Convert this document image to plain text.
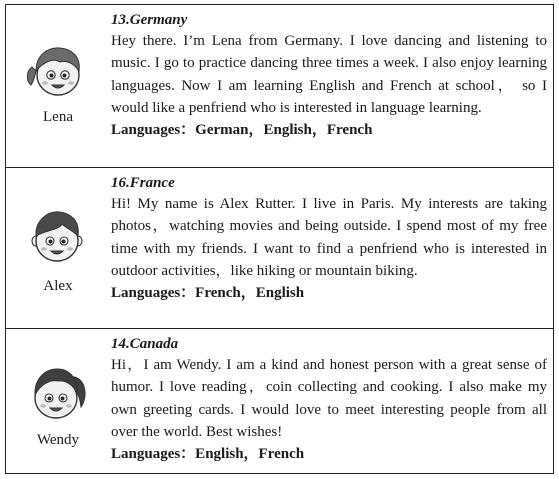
Lena
13.Germany
Hey there. I’m Lena from Germany. I love dancing and listening to music. I go to practice dancing three times a week. I also enjoy learning languages. Now I am learning English and French at school， so I would like a penfriend who is interested in language learning.
Languages：German，English，French
Alex
16.France
Hi! My name is Alex Rutter. I live in Paris. My interests are taking photos，watching movies and being outside. I spend most of my free time with my friends. I want to find a penfriend who is interested in outdoor activities，like hiking or mountain biking.
Languages：French，English
Wendy
14.Canada
Hi，I am Wendy. I am a kind and honest person with a great sense of humor. I love reading，coin collecting and cooking. I also make my own greeting cards. I would love to meet interesting people from all over the world. Best wishes!
Languages：English，French
